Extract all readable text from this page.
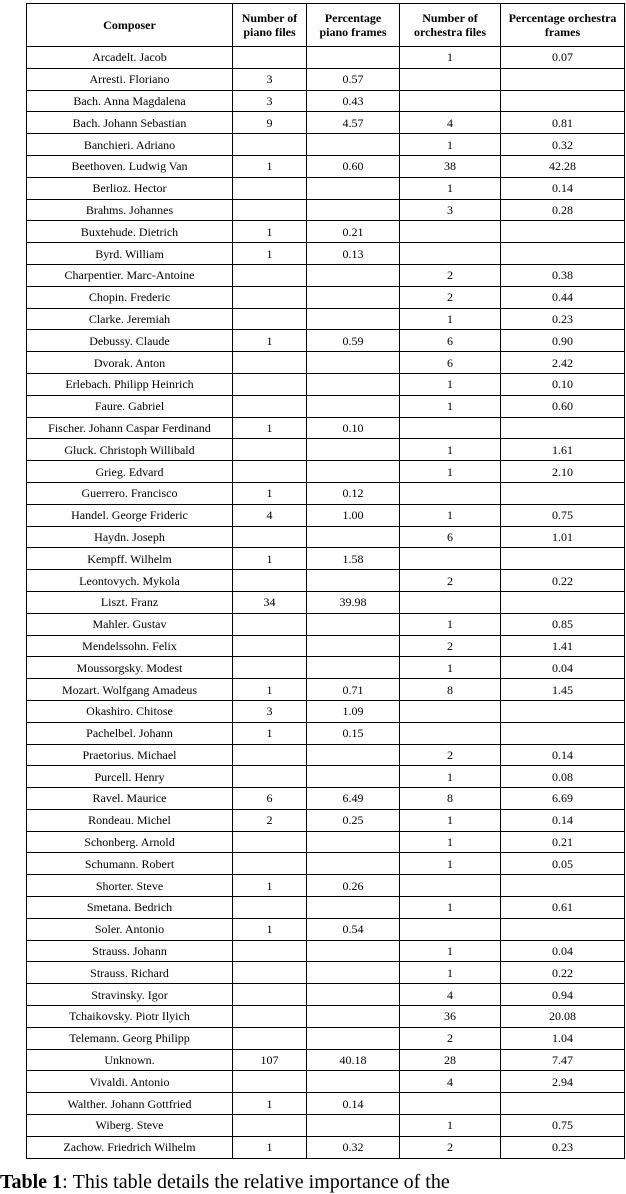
Composer	Number of piano files	Percentage piano frames	Number of orchestra files	Percentage orchestra frames
Arcadelt. Jacob			1	0.07
Arresti. Floriano	3	0.57		
Bach. Anna Magdalena	3	0.43		
Bach. Johann Sebastian	9	4.57	4	0.81
Banchieri. Adriano			1	0.32
Beethoven. Ludwig Van	1	0.60	38	42.28
Berlioz. Hector			1	0.14
Brahms. Johannes			3	0.28
Buxtehude. Dietrich	1	0.21		
Byrd. William	1	0.13		
Charpentier. Marc-Antoine			2	0.38
Chopin. Frederic			2	0.44
Clarke. Jeremiah			1	0.23
Debussy. Claude	1	0.59	6	0.90
Dvorak. Anton			6	2.42
Erlebach. Philipp Heinrich			1	0.10
Faure. Gabriel			1	0.60
Fischer. Johann Caspar Ferdinand	1	0.10		
Gluck. Christoph Willibald			1	1.61
Grieg. Edvard			1	2.10
Guerrero. Francisco	1	0.12		
Handel. George Frideric	4	1.00	1	0.75
Haydn. Joseph			6	1.01
Kempff. Wilhelm	1	1.58		
Leontovych. Mykola			2	0.22
Liszt. Franz	34	39.98		
Mahler. Gustav			1	0.85
Mendelssohn. Felix			2	1.41
Moussorgsky. Modest			1	0.04
Mozart. Wolfgang Amadeus	1	0.71	8	1.45
Okashiro. Chitose	3	1.09		
Pachelbel. Johann	1	0.15		
Praetorius. Michael			2	0.14
Purcell. Henry			1	0.08
Ravel. Maurice	6	6.49	8	6.69
Rondeau. Michel	2	0.25	1	0.14
Schonberg. Arnold			1	0.21
Schumann. Robert			1	0.05
Shorter. Steve	1	0.26		
Smetana. Bedrich			1	0.61
Soler. Antonio	1	0.54		
Strauss. Johann			1	0.04
Strauss. Richard			1	0.22
Stravinsky. Igor			4	0.94
Tchaikovsky. Piotr Ilyich			36	20.08
Telemann. Georg Philipp			2	1.04
Unknown.	107	40.18	28	7.47
Vivaldi. Antonio			4	2.94
Walther. Johann Gottfried	1	0.14		
Wiberg. Steve			1	0.75
Zachow. Friedrich Wilhelm	1	0.32	2	0.23
Table 1: This table details the relative importance of the
